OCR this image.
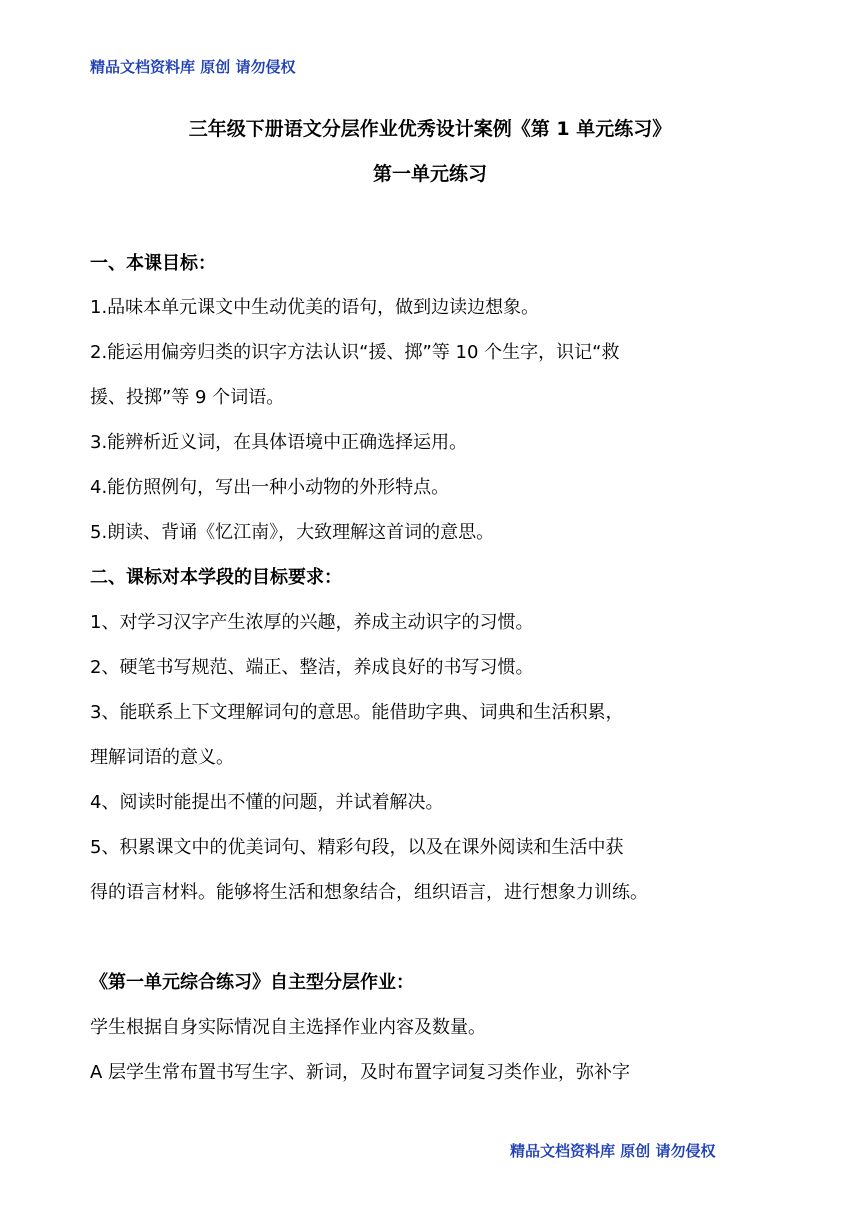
精品文档资料库 原创 请勿侵权
三年级下册语文分层作业优秀设计案例《第 1 单元练习》
第一单元练习
一、本课目标：
1.品味本单元课文中生动优美的语句，做到边读边想象。
2.能运用偏旁归类的识字方法认识“援、掷”等 10 个生字，识记“救
援、投掷”等 9 个词语。
3.能辨析近义词，在具体语境中正确选择运用。
4.能仿照例句，写出一种小动物的外形特点。
5.朗读、背诵《忆江南》，大致理解这首词的意思。
二、课标对本学段的目标要求：
1、对学习汉字产生浓厚的兴趣，养成主动识字的习惯。
2、硬笔书写规范、端正、整洁，养成良好的书写习惯。
3、能联系上下文理解词句的意思。能借助字典、词典和生活积累，
理解词语的意义。
4、阅读时能提出不懂的问题，并试着解决。
5、积累课文中的优美词句、精彩句段，以及在课外阅读和生活中获
得的语言材料。能够将生活和想象结合，组织语言，进行想象力训练。
《第一单元综合练习》自主型分层作业：
学生根据自身实际情况自主选择作业内容及数量。
A 层学生常布置书写生字、新词，及时布置字词复习类作业，弥补字
精品文档资料库 原创 请勿侵权
